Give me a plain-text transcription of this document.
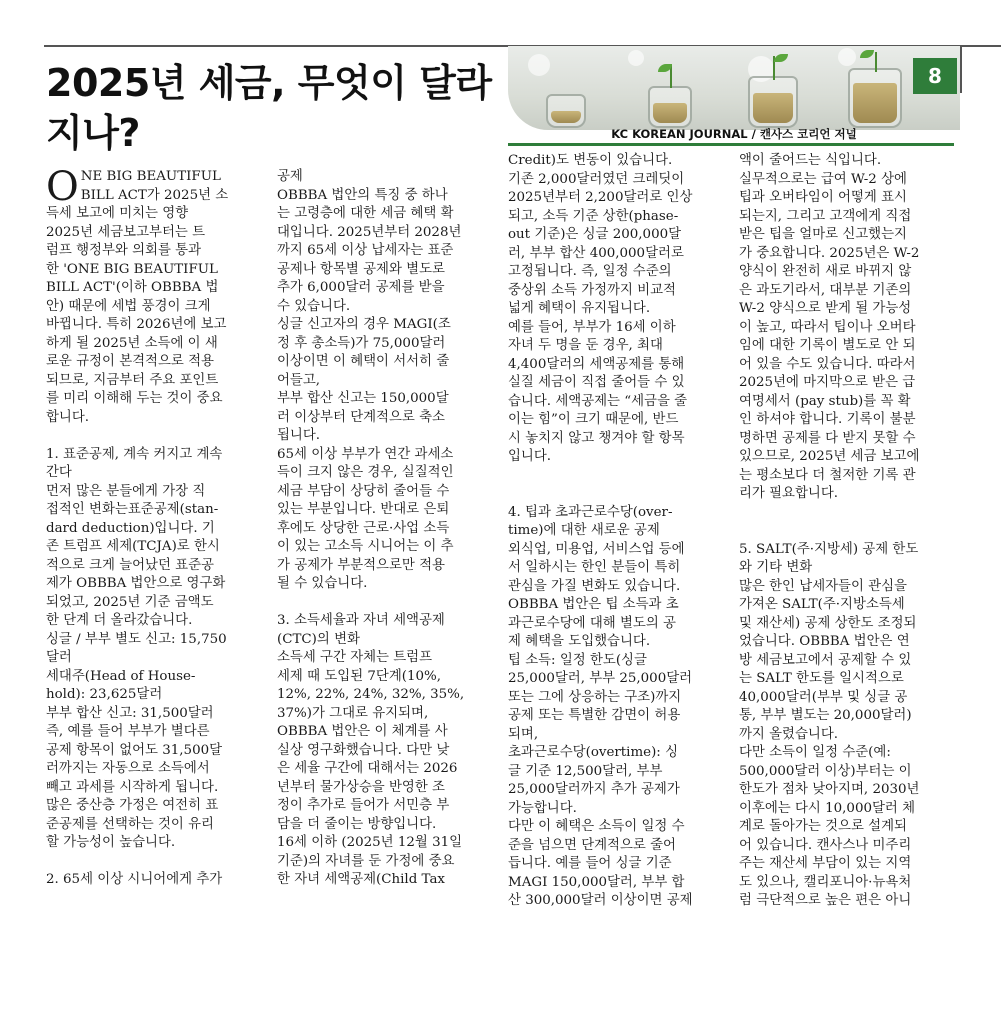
2025년 세금, 무엇이 달라
지나?
8
KC KOREAN JOURNAL / 캔사스 코리언 저널
O NE BIG BEAUTIFUL

BILL ACT가 2025년 소

득세 보고에 미치는 영향

2025년 세금보고부터는 트

럼프 행정부와 의회를 통과

한 'ONE BIG BEAUTIFUL

BILL ACT'(이하 OBBBA 법

안) 때문에 세법 풍경이 크게

바뀝니다. 특히 2026년에 보고

하게 될 2025년 소득에 이 새

로운 규정이 본격적으로 적용

되므로, 지금부터 주요 포인트

를 미리 이해해 두는 것이 중요

합니다.

1. 표준공제, 계속 커지고 계속

간다

먼저 많은 분들에게 가장 직

접적인 변화는표준공제(stan-

dard deduction)입니다. 기

존 트럼프 세제(TCJA)로 한시

적으로 크게 늘어났던 표준공

제가 OBBBA 법안으로 영구화

되었고, 2025년 기준 금액도

한 단계 더 올라갔습니다.

싱글 / 부부 별도 신고: 15,750

달러

세대주(Head of House-

hold): 23,625달러

부부 합산 신고: 31,500달러

즉, 예를 들어 부부가 별다른

공제 항목이 없어도 31,500달

러까지는 자동으로 소득에서

빼고 과세를 시작하게 됩니다.

많은 중산층 가정은 여전히 표

준공제를 선택하는 것이 유리

할 가능성이 높습니다.

2. 65세 이상 시니어에게 추가

공제

OBBBA 법안의 특징 중 하나

는 고령층에 대한 세금 혜택 확

대입니다. 2025년부터 2028년

까지 65세 이상 납세자는 표준

공제나 항목별 공제와 별도로

추가 6,000달러 공제를 받을

수 있습니다.

싱글 신고자의 경우 MAGI(조

정 후 총소득)가 75,000달러

이상이면 이 혜택이 서서히 줄

어들고,

부부 합산 신고는 150,000달

러 이상부터 단계적으로 축소

됩니다.

65세 이상 부부가 연간 과세소

득이 크지 않은 경우, 실질적인

세금 부담이 상당히 줄어들 수

있는 부분입니다. 반대로 은퇴

후에도 상당한 근로·사업 소득

이 있는 고소득 시니어는 이 추

가 공제가 부분적으로만 적용

될 수 있습니다.

3. 소득세율과 자녀 세액공제

(CTC)의 변화

소득세 구간 자체는 트럼프

세제 때 도입된 7단계(10%,

12%, 22%, 24%, 32%, 35%,

37%)가 그대로 유지되며,

OBBBA 법안은 이 체계를 사

실상 영구화했습니다. 다만 낮

은 세율 구간에 대해서는 2026

년부터 물가상승을 반영한 조

정이 추가로 들어가 서민층 부

담을 더 줄이는 방향입니다.

16세 이하 (2025년 12월 31일

기준)의 자녀를 둔 가정에 중요

한 자녀 세액공제(Child Tax

Credit)도 변동이 있습니다.

기존 2,000달러였던 크레딧이

2025년부터 2,200달러로 인상

되고, 소득 기준 상한(phase-

out 기준)은 싱글 200,000달

러, 부부 합산 400,000달러로

고정됩니다. 즉, 일정 수준의

중상위 소득 가정까지 비교적

넓게 혜택이 유지됩니다.

예를 들어, 부부가 16세 이하

자녀 두 명을 둔 경우, 최대

4,400달러의 세액공제를 통해

실질 세금이 직접 줄어들 수 있

습니다. 세액공제는 “세금을 줄

이는 힘”이 크기 때문에, 반드

시 놓치지 않고 챙겨야 할 항목

입니다.

4. 팁과 초과근로수당(over-

time)에 대한 새로운 공제

외식업, 미용업, 서비스업 등에

서 일하시는 한인 분들이 특히

관심을 가질 변화도 있습니다.

OBBBA 법안은 팁 소득과 초

과근로수당에 대해 별도의 공

제 혜택을 도입했습니다.

팁 소득: 일정 한도(싱글

25,000달러, 부부 25,000달러

또는 그에 상응하는 구조)까지

공제 또는 특별한 감면이 허용

되며,

초과근로수당(overtime): 싱

글 기준 12,500달러, 부부

25,000달러까지 추가 공제가

가능합니다.

다만 이 혜택은 소득이 일정 수

준을 넘으면 단계적으로 줄어

듭니다. 예를 들어 싱글 기준

MAGI 150,000달러, 부부 합

산 300,000달러 이상이면 공제

액이 줄어드는 식입니다.

실무적으로는 급여 W-2 상에

팁과 오버타임이 어떻게 표시

되는지, 그리고 고객에게 직접

받은 팁을 얼마로 신고했는지

가 중요합니다. 2025년은 W-2

양식이 완전히 새로 바뀌지 않

은 과도기라서, 대부분 기존의

W-2 양식으로 받게 될 가능성

이 높고, 따라서 팁이나 오버타

임에 대한 기록이 별도로 안 되

어 있을 수도 있습니다. 따라서

2025년에 마지막으로 받은 급

여명세서 (pay stub)를 꼭 확

인 하셔야 합니다. 기록이 불분

명하면 공제를 다 받지 못할 수

있으므로, 2025년 세금 보고에

는 평소보다 더 철저한 기록 관

리가 필요합니다.

5. SALT(주·지방세) 공제 한도

와 기타 변화

많은 한인 납세자들이 관심을

가져온 SALT(주·지방소득세

및 재산세) 공제 상한도 조정되

었습니다. OBBBA 법안은 연

방 세금보고에서 공제할 수 있

는 SALT 한도를 일시적으로

40,000달러(부부 및 싱글 공

통, 부부 별도는 20,000달러)

까지 올렸습니다.

다만 소득이 일정 수준(예:

500,000달러 이상)부터는 이

한도가 점차 낮아지며, 2030년

이후에는 다시 10,000달러 체

계로 돌아가는 것으로 설계되

어 있습니다. 캔사스나 미주리

주는 재산세 부담이 있는 지역

도 있으나, 캘리포니아·뉴욕처

럼 극단적으로 높은 편은 아니
